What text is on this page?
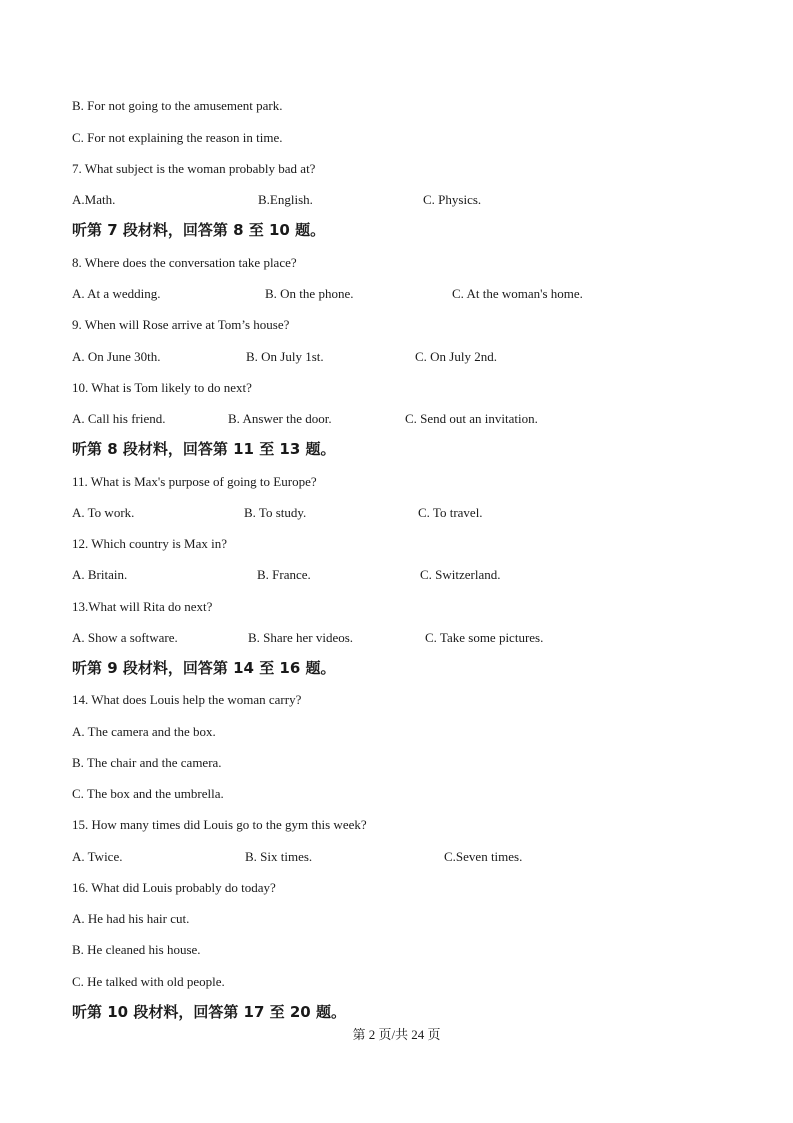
B. For not going to the amusement park.
C. For not explaining the reason in time.
7. What subject is the woman probably bad at?
A.Math.	B.English.	C. Physics.
听第 7 段材料，回答第 8 至 10 题。
8. Where does the conversation take place?
A. At a wedding.	B. On the phone.	C. At the woman's home.
9. When will Rose arrive at Tom’s house?
A. On June 30th.	B. On July 1st.	C. On July 2nd.
10. What is Tom likely to do next?
A. Call his friend.	B. Answer the door.	C. Send out an invitation.
听第 8 段材料，回答第 11 至 13 题。
11. What is Max's purpose of going to Europe?
A. To work.	B. To study.	C. To travel.
12. Which country is Max in?
A. Britain.	B. France.	C. Switzerland.
13.What will Rita do next?
A. Show a software.	B. Share her videos.	C. Take some pictures.
听第 9 段材料，回答第 14 至 16 题。
14. What does Louis help the woman carry?
A. The camera and the box.
B. The chair and the camera.
C. The box and the umbrella.
15. How many times did Louis go to the gym this week?
A. Twice.	B. Six times.	C.Seven times.
16. What did Louis probably do today?
A. He had his hair cut.
B. He cleaned his house.
C. He talked with old people.
听第 10 段材料，回答第 17 至 20 题。
第 2 页/共 24 页
